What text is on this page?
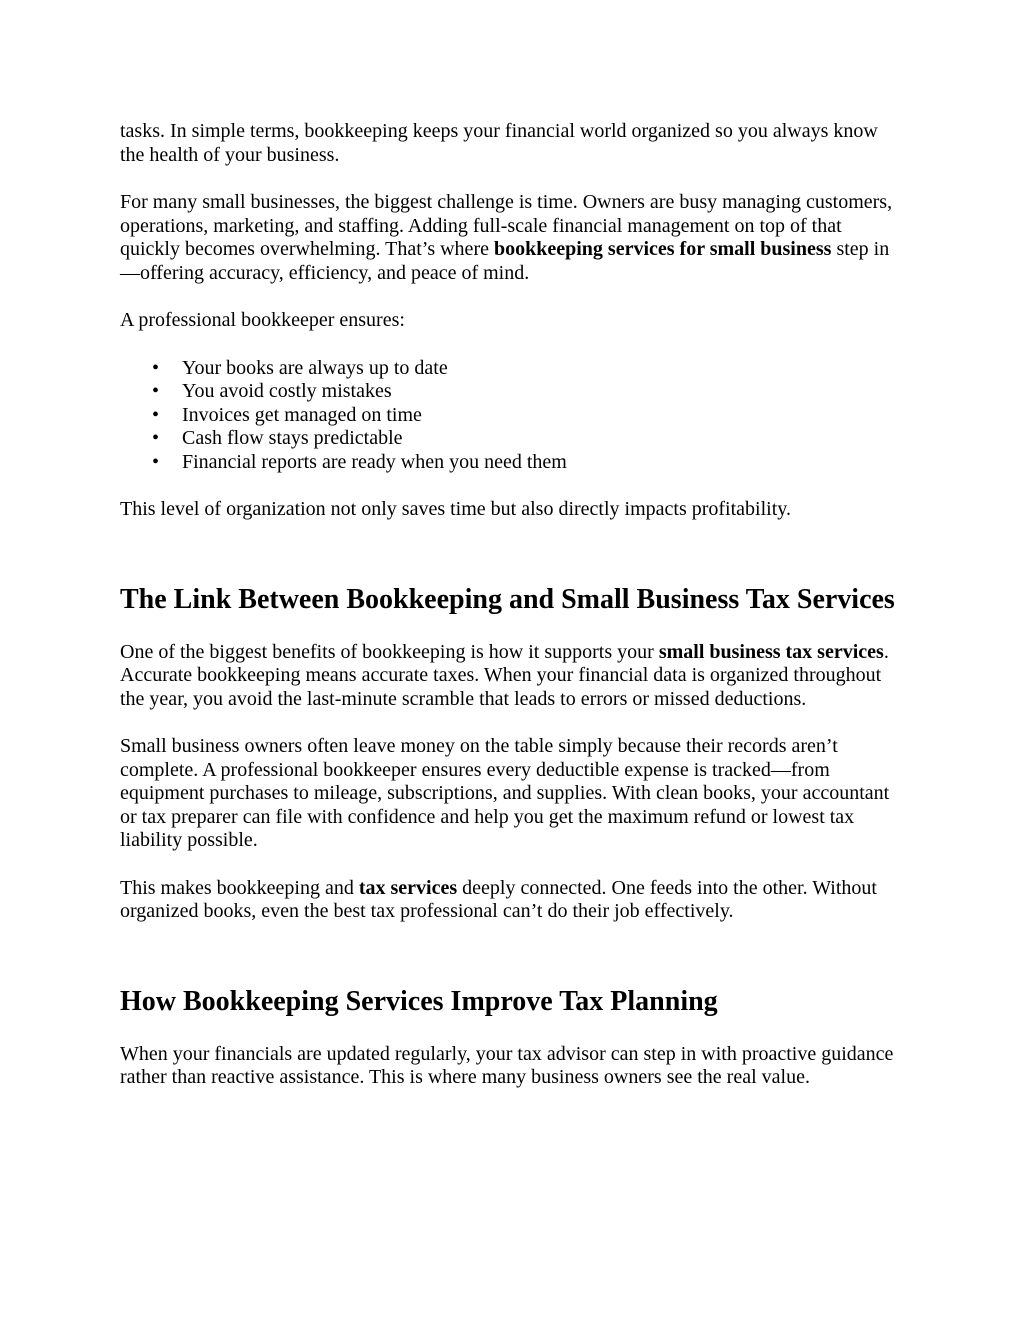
tasks. In simple terms, bookkeeping keeps your financial world organized so you always know the health of your business.

For many small businesses, the biggest challenge is time. Owners are busy managing customers, operations, marketing, and staffing. Adding full-scale financial management on top of that quickly becomes overwhelming. That’s where bookkeeping services for small business step in—offering accuracy, efficiency, and peace of mind.

A professional bookkeeper ensures:

• Your books are always up to date
• You avoid costly mistakes
• Invoices get managed on time
• Cash flow stays predictable
• Financial reports are ready when you need them

This level of organization not only saves time but also directly impacts profitability.

The Link Between Bookkeeping and Small Business Tax Services

One of the biggest benefits of bookkeeping is how it supports your small business tax services. Accurate bookkeeping means accurate taxes. When your financial data is organized throughout the year, you avoid the last-minute scramble that leads to errors or missed deductions.

Small business owners often leave money on the table simply because their records aren’t complete. A professional bookkeeper ensures every deductible expense is tracked—from equipment purchases to mileage, subscriptions, and supplies. With clean books, your accountant or tax preparer can file with confidence and help you get the maximum refund or lowest tax liability possible.

This makes bookkeeping and tax services deeply connected. One feeds into the other. Without organized books, even the best tax professional can’t do their job effectively.

How Bookkeeping Services Improve Tax Planning

When your financials are updated regularly, your tax advisor can step in with proactive guidance rather than reactive assistance. This is where many business owners see the real value.
